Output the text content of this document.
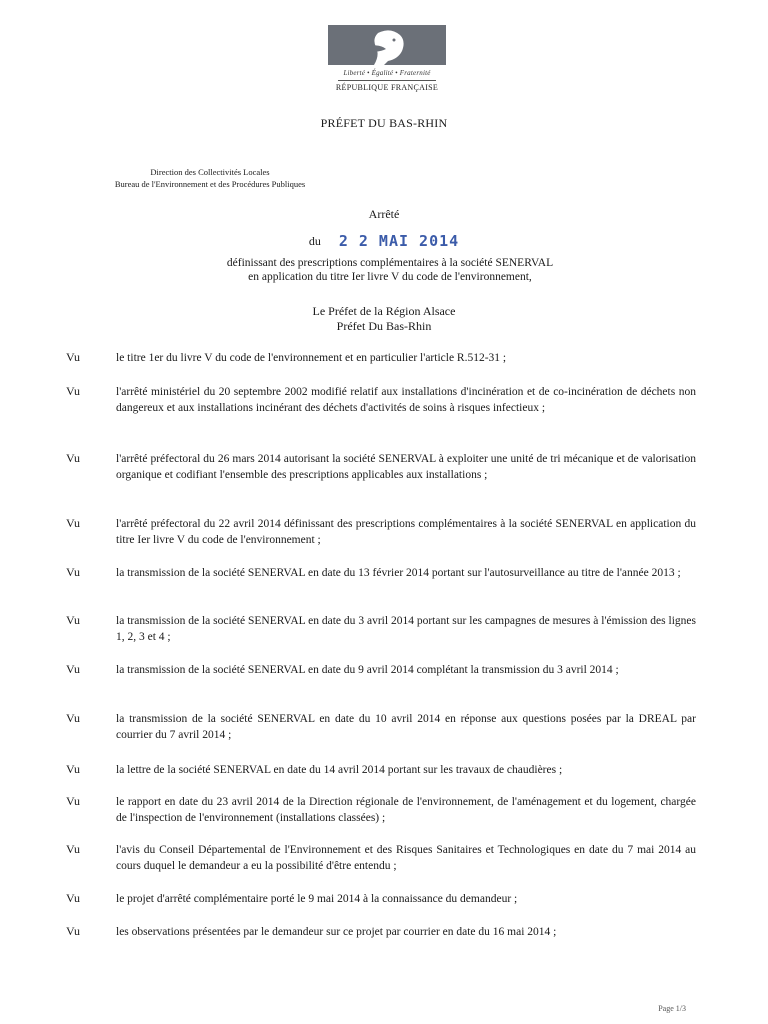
Liberté • Égalité • Fraternité
RÉPUBLIQUE FRANÇAISE
PRÉFET DU BAS-RHIN
Direction des Collectivités Locales
Bureau de l'Environnement et des Procédures Publiques
Arrêté
du 2 2 MAI 2014
définissant des prescriptions complémentaires à la société SENERVAL
en application du titre Ier livre V du code de l'environnement,
Le Préfet de la Région Alsace
Préfet Du Bas-Rhin
Vu	le titre 1er du livre V du code de l'environnement et en particulier l'article R.512-31 ;
Vu	l'arrêté ministériel du 20 septembre 2002 modifié relatif aux installations d'incinération et de co-incinération de déchets non dangereux et aux installations incinérant des déchets d'activités de soins à risques infectieux ;
Vu	l'arrêté préfectoral du 26 mars 2014 autorisant la société SENERVAL à exploiter une unité de tri mécanique et de valorisation organique et codifiant l'ensemble des prescriptions applicables aux installations ;
Vu	l'arrêté préfectoral du 22 avril 2014 définissant des prescriptions complémentaires à la société SENERVAL en application du titre Ier livre V du code de l'environnement ;
Vu	la transmission de la société SENERVAL en date du 13 février 2014 portant sur l'autosurveillance au titre de l'année 2013 ;
Vu	la transmission de la société SENERVAL en date du 3 avril 2014 portant sur les campagnes de mesures à l'émission des lignes 1, 2, 3 et 4 ;
Vu	la transmission de la société SENERVAL en date du 9 avril 2014 complétant la transmission du 3 avril 2014 ;
Vu	la transmission de la société SENERVAL en date du 10 avril 2014 en réponse aux questions posées par la DREAL par courrier du 7 avril 2014 ;
Vu	la lettre de la société SENERVAL en date du 14 avril 2014 portant sur les travaux de chaudières ;
Vu	le rapport en date du 23 avril 2014 de la Direction régionale de l'environnement, de l'aménagement et du logement, chargée de l'inspection de l'environnement (installations classées) ;
Vu	l'avis du Conseil Départemental de l'Environnement et des Risques Sanitaires et Technologiques en date du 7 mai 2014 au cours duquel le demandeur a eu la possibilité d'être entendu ;
Vu	le projet d'arrêté complémentaire porté le 9 mai 2014 à la connaissance du demandeur ;
Vu	les observations présentées par le demandeur sur ce projet par courrier en date du 16 mai 2014 ;
Page 1/3
